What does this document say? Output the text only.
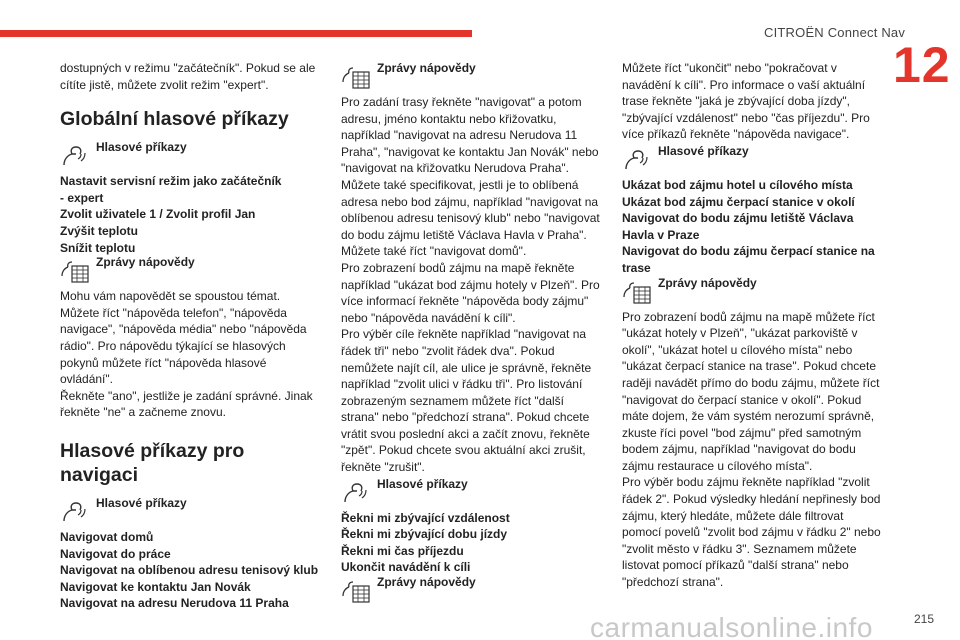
CITROËN Connect Nav
12

dostupných v režimu "začátečník". Pokud se ale cítíte jistě, můžete zvolit režim "expert".

Globální hlasové příkazy
Hlasové příkazy
Nastavit servisní režim jako začátečník
- expert
Zvolit uživatele 1 / Zvolit profil Jan
Zvýšit teplotu
Snížit teplotu
Zprávy nápovědy

Mohu vám napovědět se spoustou témat. Můžete říct "nápověda telefon", "nápověda navigace", "nápověda média" nebo "nápověda rádio". Pro nápovědu týkající se hlasových pokynů můžete říct "nápověda hlasové ovládání".

Řekněte "ano", jestliže je zadání správné. Jinak řekněte "ne" a začneme znovu.

Hlasové příkazy pro
navigaci
Hlasové příkazy
Navigovat domů
Navigovat do práce
Navigovat na oblíbenou adresu tenisový klub
Navigovat ke kontaktu Jan Novák
Navigovat na adresu Nerudova 11 Praha
Zprávy nápovědy

Pro zadání trasy řekněte "navigovat" a potom adresu, jméno kontaktu nebo křižovatku, například "navigovat na adresu Nerudova 11 Praha", "navigovat ke kontaktu Jan Novák" nebo "navigovat na křižovatku Nerudova Praha". Můžete také specifikovat, jestli je to oblíbená adresa nebo bod zájmu, například "navigovat na oblíbenou adresu tenisový klub" nebo "navigovat do bodu zájmu letiště Václava Havla v Praha". Můžete také říct "navigovat domů".

Pro zobrazení bodů zájmu na mapě řekněte například "ukázat bod zájmu hotely v Plzeň". Pro více informací řekněte "nápověda body zájmu" nebo "nápověda navádění k cíli".

Pro výběr cíle řekněte například "navigovat na řádek tři" nebo "zvolit řádek dva". Pokud nemůžete najít cíl, ale ulice je správně, řekněte například "zvolit ulici v řádku tři". Pro listování zobrazeným seznamem můžete říct "další strana" nebo "předchozí strana". Pokud chcete vrátit svou poslední akci a začít znovu, řekněte "zpět". Pokud chcete svou aktuální akci zrušit, řekněte "zrušit".

Hlasové příkazy
Řekni mi zbývající vzdálenost
Řekni mi zbývající dobu jízdy
Řekni mi čas příjezdu
Ukončit navádění k cíli
Zprávy nápovědy

Můžete říct "ukončit" nebo "pokračovat v navádění k cíli". Pro informace o vaší aktuální trase řekněte "jaká je zbývající doba jízdy", "zbývající vzdálenost" nebo "čas příjezdu". Pro více příkazů řekněte "nápověda navigace".

Hlasové příkazy
Ukázat bod zájmu hotel u cílového místa
Ukázat bod zájmu čerpací stanice v okolí
Navigovat do bodu zájmu letiště Václava Havla v Praze
Navigovat do bodu zájmu čerpací stanice na trase
Zprávy nápovědy

Pro zobrazení bodů zájmu na mapě můžete říct "ukázat hotely v Plzeň", "ukázat parkoviště v okolí", "ukázat hotel u cílového místa" nebo "ukázat čerpací stanice na trase". Pokud chcete raději navádět přímo do bodu zájmu, můžete říct "navigovat do čerpací stanice v okolí". Pokud máte dojem, že vám systém nerozumí správně, zkuste říci povel "bod zájmu" před samotným bodem zájmu, například "navigovat do bodu zájmu restaurace u cílového místa".

Pro výběr bodu zájmu řekněte například "zvolit řádek 2". Pokud výsledky hledání nepřinesly bod zájmu, který hledáte, můžete dále filtrovat pomocí povelů "zvolit bod zájmu v řádku 2" nebo "zvolit město v řádku 3". Seznamem můžete listovat pomocí příkazů "další strana" nebo "předchozí strana".

carmanualsonline.info	215
